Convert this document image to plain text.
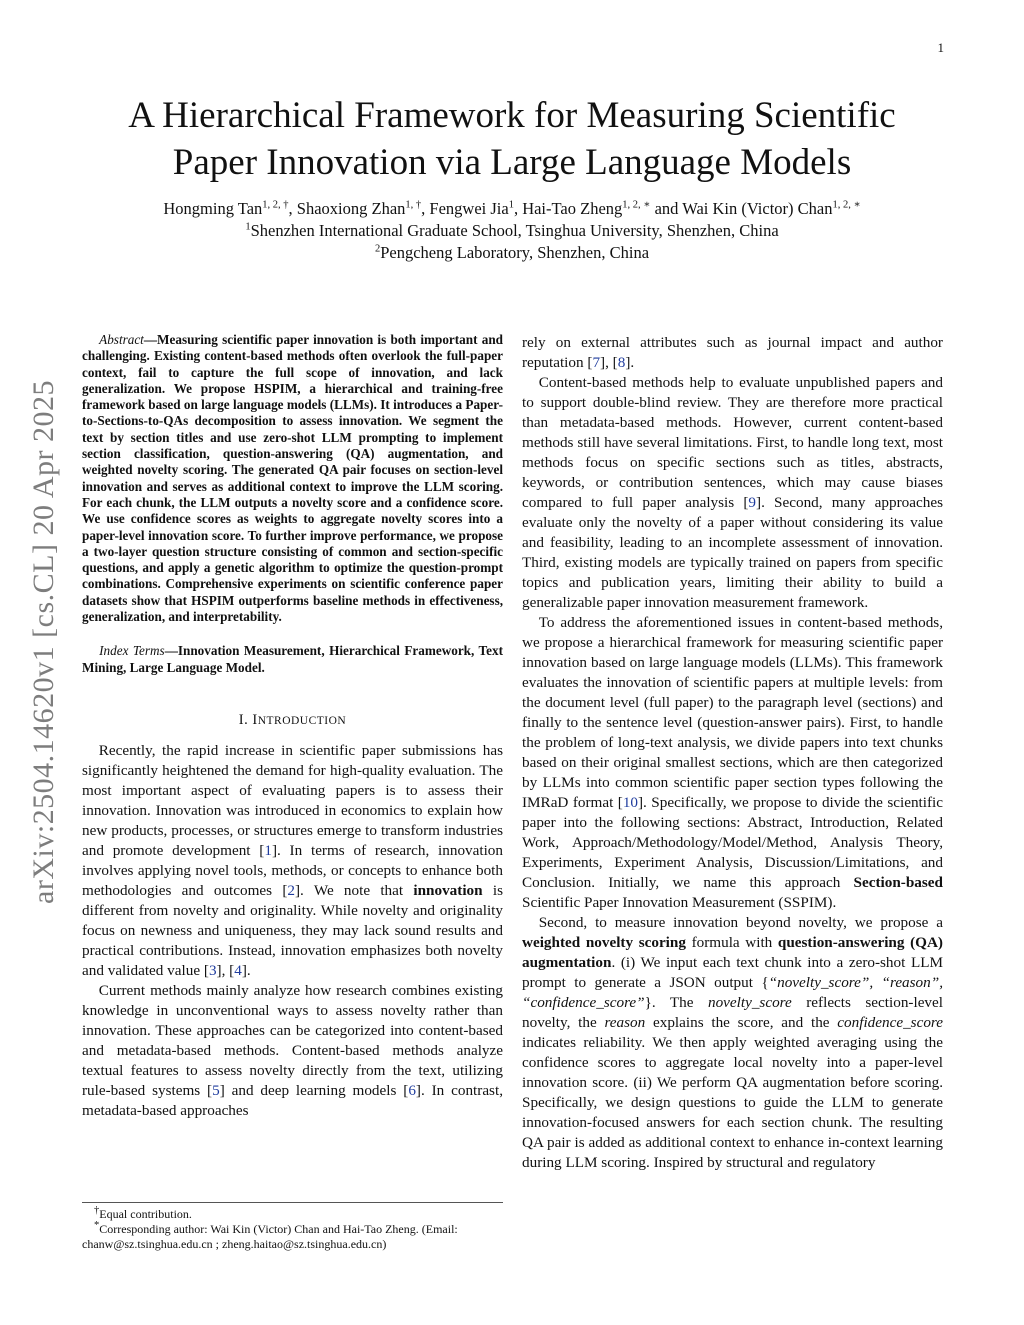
1
arXiv:2504.14620v1 [cs.CL] 20 Apr 2025
A Hierarchical Framework for Measuring Scientific
Paper Innovation via Large Language Models
Hongming Tan$^{1, 2, \dagger}$, Shaoxiong Zhan$^{1, \dagger}$, Fengwei Jia$^1$, Hai-Tao Zheng$^{1, 2, ∗}$ and Wai Kin (Victor) Chan$^{1, 2, ∗}$
$^1$Shenzhen International Graduate School, Tsinghua University, Shenzhen, China
$^2$Pengcheng Laboratory, Shenzhen, China

Abstract—Measuring scientific paper innovation is both important and challenging. Existing content-based methods often overlook the full-paper context, fail to capture the full scope of innovation, and lack generalization. We propose HSPIM, a hierarchical and training-free framework based on large language models (LLMs). It introduces a Paper-to-Sections-to-QAs decomposition to assess innovation. We segment the text by section titles and use zero-shot LLM prompting to implement section classification, question-answering (QA) augmentation, and weighted novelty scoring. The generated QA pair focuses on section-level innovation and serves as additional context to improve the LLM scoring. For each chunk, the LLM outputs a novelty score and a confidence score. We use confidence scores as weights to aggregate novelty scores into a paper-level innovation score. To further improve performance, we propose a two-layer question structure consisting of common and section-specific questions, and apply a genetic algorithm to optimize the question-prompt combinations. Comprehensive experiments on scientific conference paper datasets show that HSPIM outperforms baseline methods in effectiveness, generalization, and interpretability.

Index Terms—Innovation Measurement, Hierarchical Framework, Text Mining, Large Language Model.

I. INTRODUCTION

Recently, the rapid increase in scientific paper submissions has significantly heightened the demand for high-quality evaluation. The most important aspect of evaluating papers is to assess their innovation. Innovation was introduced in economics to explain how new products, processes, or structures emerge to transform industries and promote development [1]. In terms of research, innovation involves applying novel tools, methods, or concepts to enhance both methodologies and outcomes [2]. We note that innovation is different from novelty and originality. While novelty and originality focus on newness and uniqueness, they may lack sound results and practical contributions. Instead, innovation emphasizes both novelty and validated value [3], [4].

Current methods mainly analyze how research combines existing knowledge in unconventional ways to assess novelty rather than innovation. These approaches can be categorized into content-based and metadata-based methods. Content-based methods analyze textual features to assess novelty directly from the text, utilizing rule-based systems [5] and deep learning models [6]. In contrast, metadata-based approaches

†Equal contribution.

*Corresponding author: Wai Kin (Victor) Chan and Hai-Tao Zheng. (Email: chanw@sz.tsinghua.edu.cn ; zheng.haitao@sz.tsinghua.edu.cn)

rely on external attributes such as journal impact and author reputation [7], [8].

Content-based methods help to evaluate unpublished papers and to support double-blind review. They are therefore more practical than metadata-based methods. However, current content-based methods still have several limitations. First, to handle long text, most methods focus on specific sections such as titles, abstracts, keywords, or contribution sentences, which may cause biases compared to full paper analysis [9]. Second, many approaches evaluate only the novelty of a paper without considering its value and feasibility, leading to an incomplete assessment of innovation. Third, existing models are typically trained on papers from specific topics and publication years, limiting their ability to build a generalizable paper innovation measurement framework.

To address the aforementioned issues in content-based methods, we propose a hierarchical framework for measuring scientific paper innovation based on large language models (LLMs). This framework evaluates the innovation of scientific papers at multiple levels: from the document level (full paper) to the paragraph level (sections) and finally to the sentence level (question-answer pairs). First, to handle the problem of long-text analysis, we divide papers into text chunks based on their original smallest sections, which are then categorized by LLMs into common scientific paper section types following the IMRaD format [10]. Specifically, we propose to divide the scientific paper into the following sections: Abstract, Introduction, Related Work, Approach/Methodology/Model/Method, Analysis Theory, Experiments, Experiment Analysis, Discussion/Limitations, and Conclusion. Initially, we name this approach Section-based Scientific Paper Innovation Measurement (SSPIM).

Second, to measure innovation beyond novelty, we propose a weighted novelty scoring formula with question-answering (QA) augmentation. (i) We input each text chunk into a zero-shot LLM prompt to generate a JSON output {“novelty_score”, “reason”, “confidence_score”}. The novelty_score reflects section-level novelty, the reason explains the score, and the confidence_score indicates reliability. We then apply weighted averaging using the confidence scores to aggregate local novelty into a paper-level innovation score. (ii) We perform QA augmentation before scoring. Specifically, we design questions to guide the LLM to generate innovation-focused answers for each section chunk. The resulting QA pair is added as additional context to enhance in-context learning during LLM scoring. Inspired by structural and regulatory
